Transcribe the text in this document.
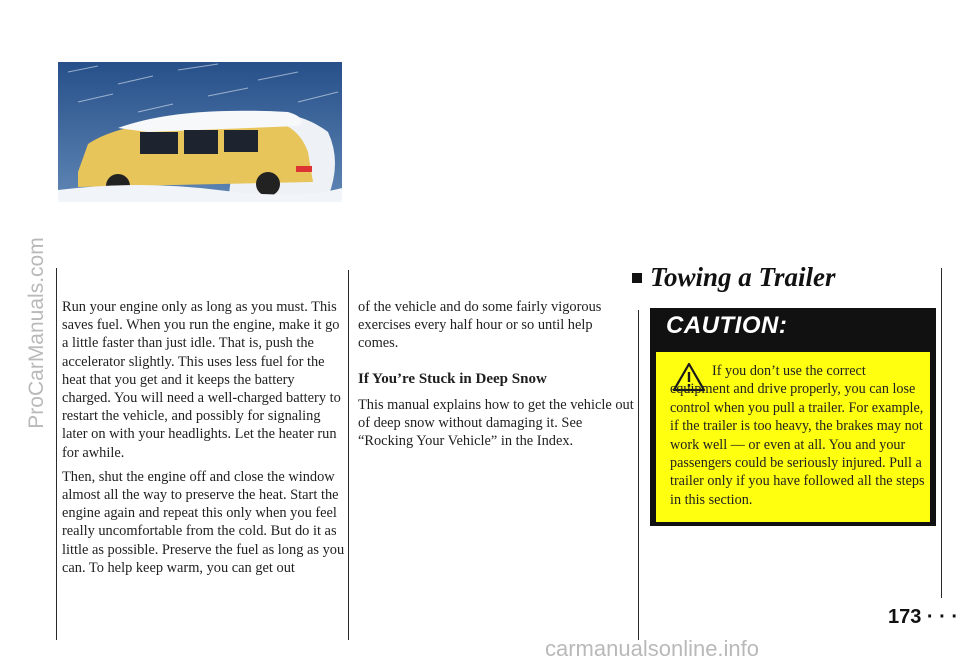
ProCarManuals.com Run your engine only as long as you must. This saves fuel. When you run the engine, make it go a little faster than just idle. That is, push the accelerator slightly. This uses less fuel for the heat that you get and it keeps the battery charged. You will need a well-charged battery to restart the vehicle, and possibly for signaling later on with your headlights. Let the heater run for awhile.

Then, shut the engine off and close the window almost all the way to preserve the heat. Start the engine again and repeat this only when you feel really uncomfortable from the cold. But do it as little as possible. Preserve the fuel as long as you can. To help keep warm, you can get out

of the vehicle and do some fairly vigorous exercises every half hour or so until help comes.
If You’re Stuck in Deep Snow
This manual explains how to get the vehicle out of deep snow without damaging it. See “Rocking Your Vehicle” in the Index.
Towing a Trailer
CAUTION:
If you don’t use the correct equipment and drive properly, you can lose control when you pull a trailer. For example, if the trailer is too heavy, the brakes may not work well — or even at all. You and your passengers could be seriously injured. Pull a trailer only if you have followed all the steps in this section.
173 · · ·
carmanualsonline.info
